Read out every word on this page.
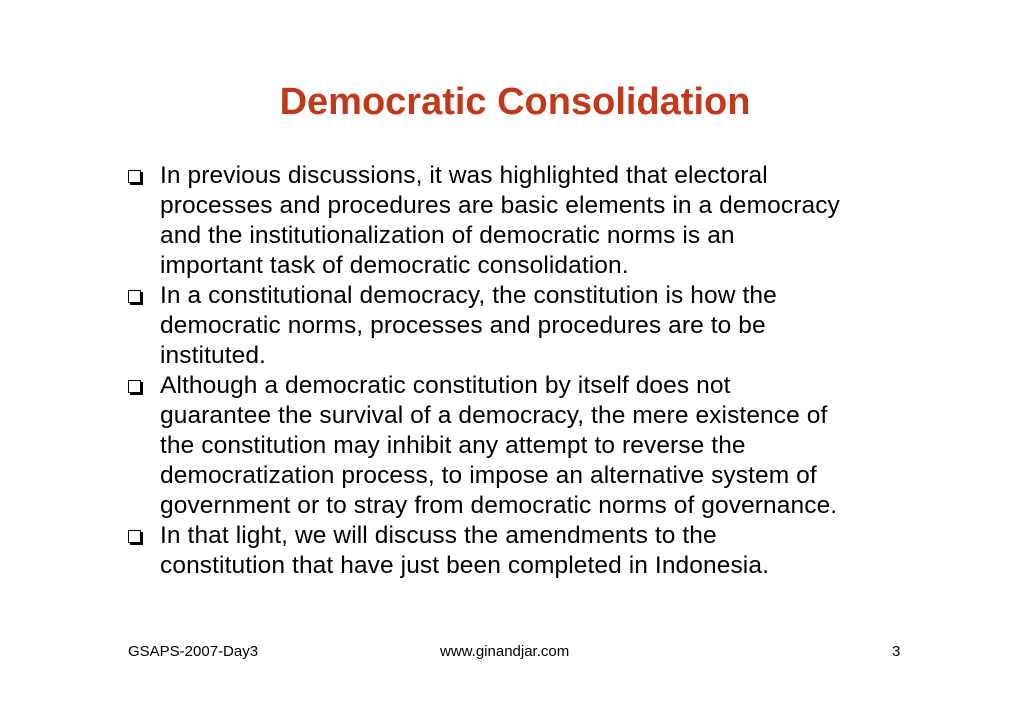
Democratic Consolidation
In previous discussions, it was highlighted that electoral
processes and procedures are basic elements in a democracy
and the institutionalization of democratic norms is an
important task of democratic consolidation.
In a constitutional democracy, the constitution is how the
democratic norms, processes and procedures are to be
instituted.
Although a democratic constitution by itself does not
guarantee the survival of a democracy, the mere existence of
the constitution may inhibit any attempt to reverse the
democratization process, to impose an alternative system of
government or to stray from democratic norms of governance.
In that light, we will discuss the amendments to the
constitution that have just been completed in Indonesia.
GSAPS-2007-Day3	www.ginandjar.com	3
